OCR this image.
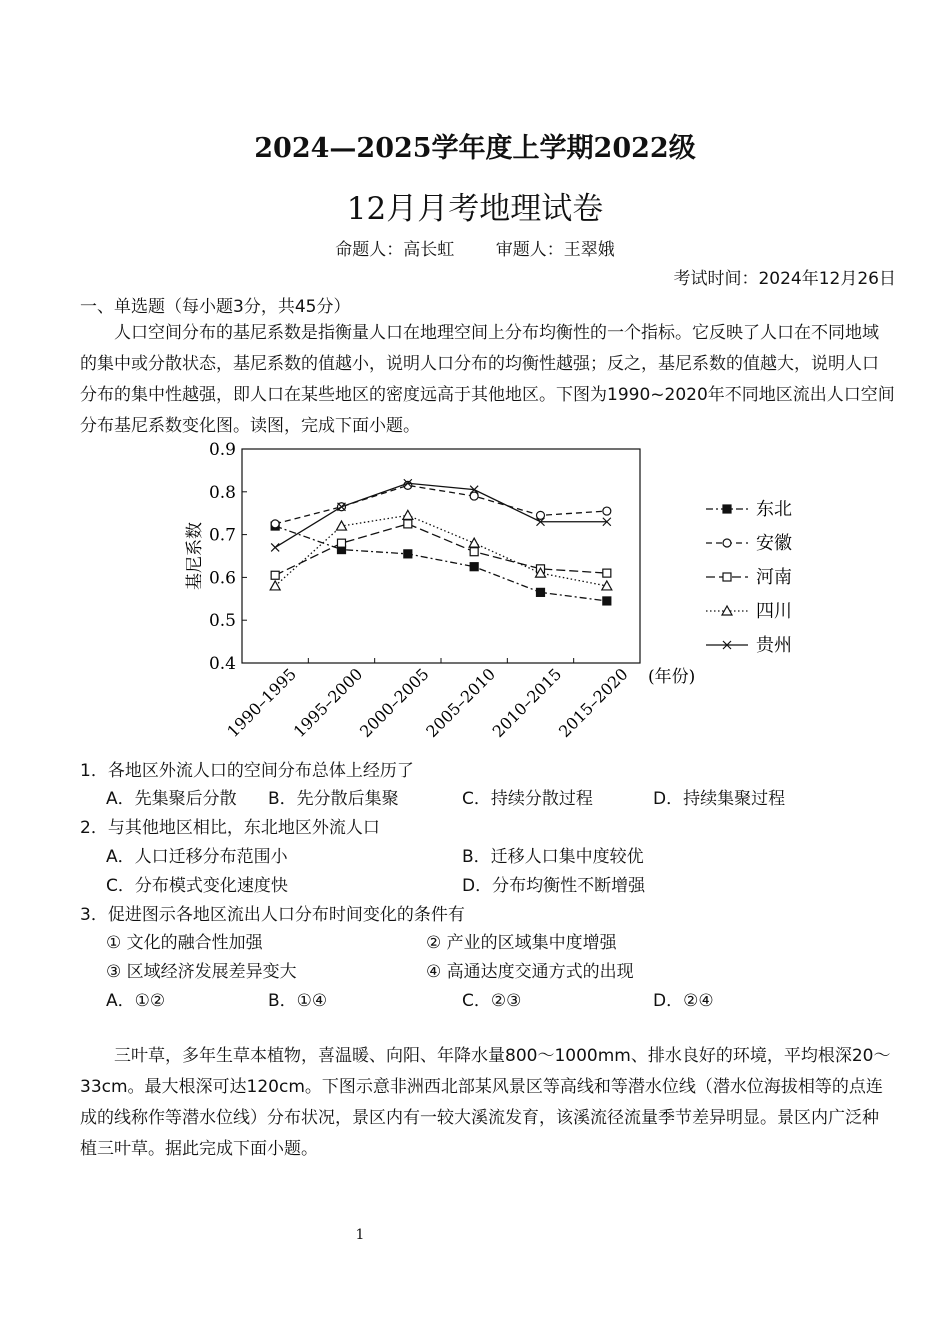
2024—2025学年度上学期2022级
12月月考地理试卷
命题人：高长虹 审题人：王翠娥
考试时间：2024年12月26日
一、单选题（每小题3分，共45分）

人口空间分布的基尼系数是指衡量人口在地理空间上分布均衡性的一个指标。它反映了人口在不同地域的集中或分散状态，基尼系数的值越小，说明人口分布的均衡性越强；反之，基尼系数的值越大，说明人口分布的集中性越强，即人口在某些地区的密度远高于其他地区。下图为1990~2020年不同地区流出人口空间分布基尼系数变化图。读图，完成下面小题。

0.4
0.5
0.6
0.7
0.8
0.9
1990–1995
1995–2000
2000–2005
2005–2010
2010–2015
2015–2020
基尼系数
(年份)
东北
安徽
河南
四川
贵州
1．各地区外流人口的空间分布总体上经历了
A．先集聚后分散 B．先分散后集聚	C．持续分散过程	D．持续集聚过程
2．与其他地区相比，东北地区外流人口
A．人口迁移分布范围小	B．迁移人口集中度较优
C．分布模式变化速度快	D．分布均衡性不断增强
3．促进图示各地区流出人口分布时间变化的条件有
① 文化的融合性加强	② 产业的区域集中度增强
③ 区域经济发展差异变大	④ 高通达度交通方式的出现
A．①②	B．①④	C．②③	D．②④

三叶草，多年生草本植物，喜温暖、向阳、年降水量800～1000mm、排水良好的环境，平均根深20～33cm。最大根深可达120cm。下图示意非洲西北部某风景区等高线和等潜水位线（潜水位海拔相等的点连成的线称作等潜水位线）分布状况，景区内有一较大溪流发育，该溪流径流量季节差异明显。景区内广泛种植三叶草。据此完成下面小题。

1
